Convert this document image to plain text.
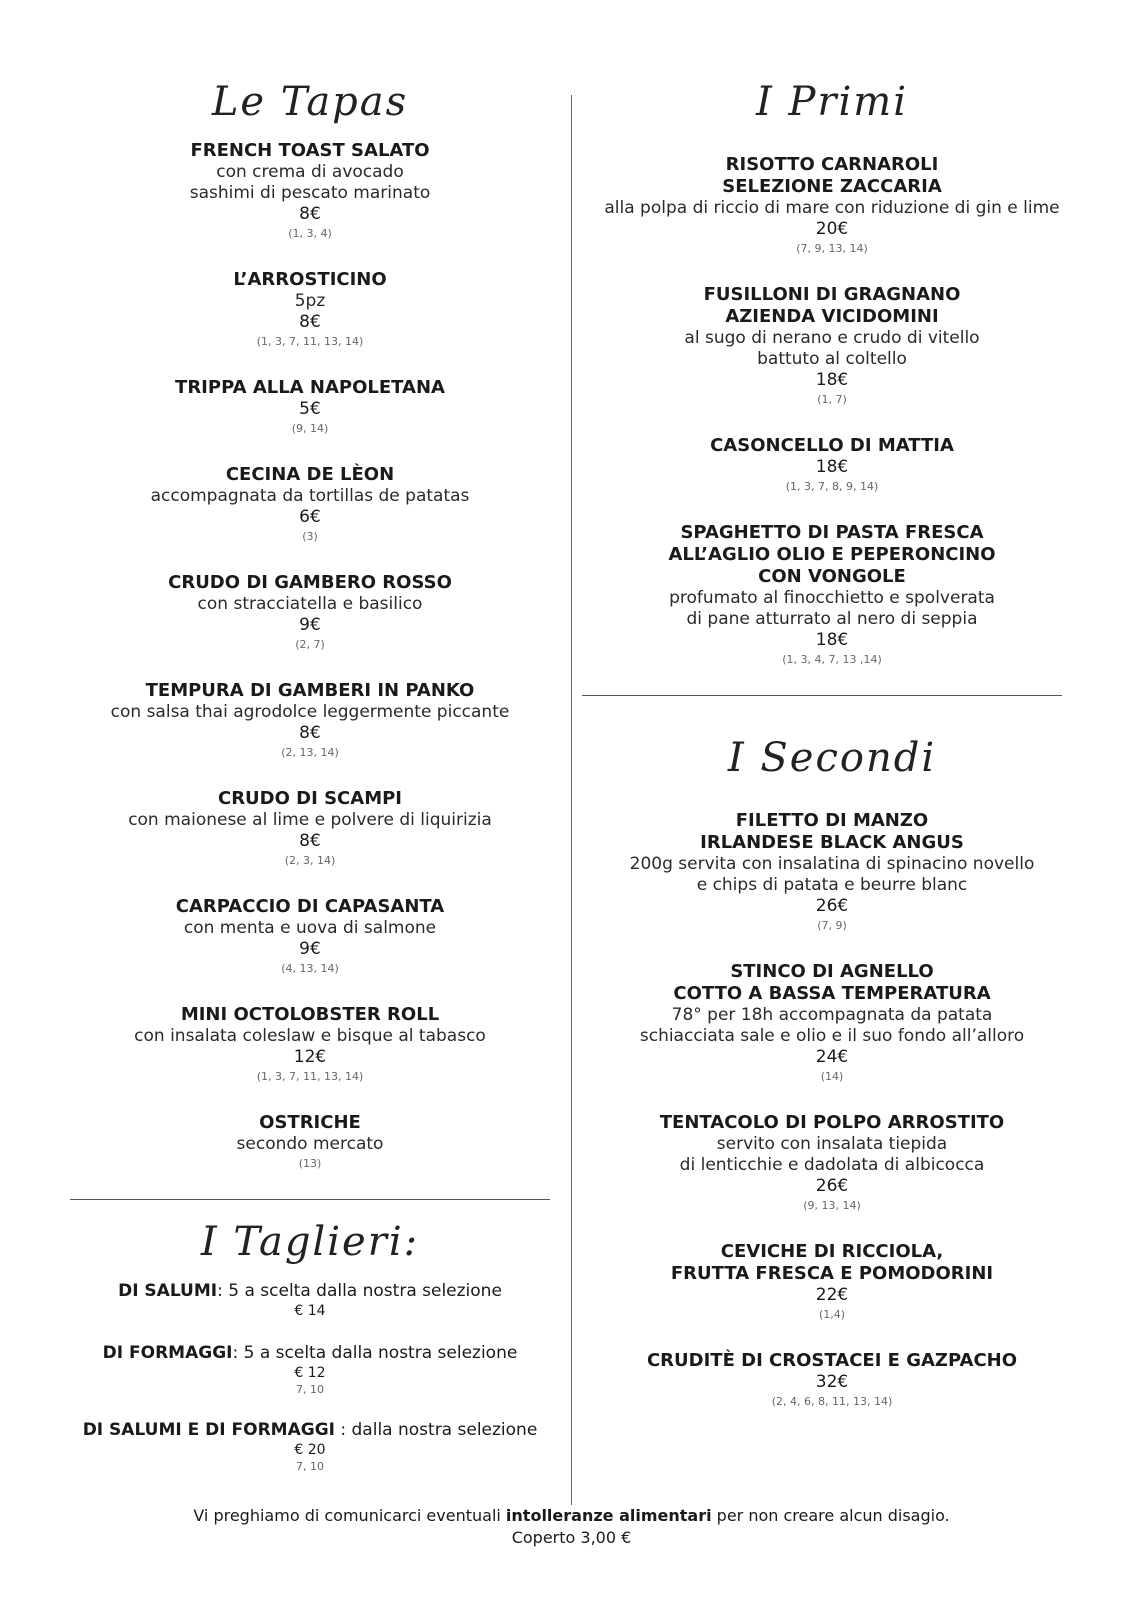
Le Tapas
FRENCH TOAST SALATO
con crema di avocado
sashimi di pescato marinato
8€
(1, 3, 4)
L’ARROSTICINO
5pz
8€
(1, 3, 7, 11, 13, 14)
TRIPPA ALLA NAPOLETANA
5€
(9, 14)
CECINA DE LÈON
accompagnata da tortillas de patatas
6€
(3)
CRUDO DI GAMBERO ROSSO
con stracciatella e basilico
9€
(2, 7)
TEMPURA DI GAMBERI IN PANKO
con salsa thai agrodolce leggermente piccante
8€
(2, 13, 14)
CRUDO DI SCAMPI
con maionese al lime e polvere di liquirizia
8€
(2, 3, 14)
CARPACCIO DI CAPASANTA
con menta e uova di salmone
9€
(4, 13, 14)
MINI OCTOLOBSTER ROLL
con insalata coleslaw e bisque al tabasco
12€
(1, 3, 7, 11, 13, 14)
OSTRICHE
secondo mercato
(13)
I Taglieri:
DI SALUMI: 5 a scelta dalla nostra selezione
€ 14
DI FORMAGGI: 5 a scelta dalla nostra selezione
€ 12
7, 10
DI SALUMI E DI FORMAGGI : dalla nostra selezione
€ 20
7, 10
I Primi
RISOTTO CARNAROLI
SELEZIONE ZACCARIA
alla polpa di riccio di mare con riduzione di gin e lime
20€
(7, 9, 13, 14)
FUSILLONI DI GRAGNANO
AZIENDA VICIDOMINI
al sugo di nerano e crudo di vitello
battuto al coltello
18€
(1, 7)
CASONCELLO DI MATTIA
18€
(1, 3, 7, 8, 9, 14)
SPAGHETTO DI PASTA FRESCA
ALL’AGLIO OLIO E PEPERONCINO
CON VONGOLE
profumato al finocchietto e spolverata
di pane atturrato al nero di seppia
18€
(1, 3, 4, 7, 13 ,14)
I Secondi
FILETTO DI MANZO
IRLANDESE BLACK ANGUS
200g servita con insalatina di spinacino novello
e chips di patata e beurre blanc
26€
(7, 9)
STINCO DI AGNELLO
COTTO A BASSA TEMPERATURA
78° per 18h accompagnata da patata
schiacciata sale e olio e il suo fondo all’alloro
24€
(14)
TENTACOLO DI POLPO ARROSTITO
servito con insalata tiepida
di lenticchie e dadolata di albicocca
26€
(9, 13, 14)
CEVICHE DI RICCIOLA,
FRUTTA FRESCA E POMODORINI
22€
(1,4)
CRUDITÈ DI CROSTACEI E GAZPACHO
32€
(2, 4, 6, 8, 11, 13, 14)
Vi preghiamo di comunicarci eventuali intolleranze alimentari per non creare alcun disagio.
Coperto 3,00 €
